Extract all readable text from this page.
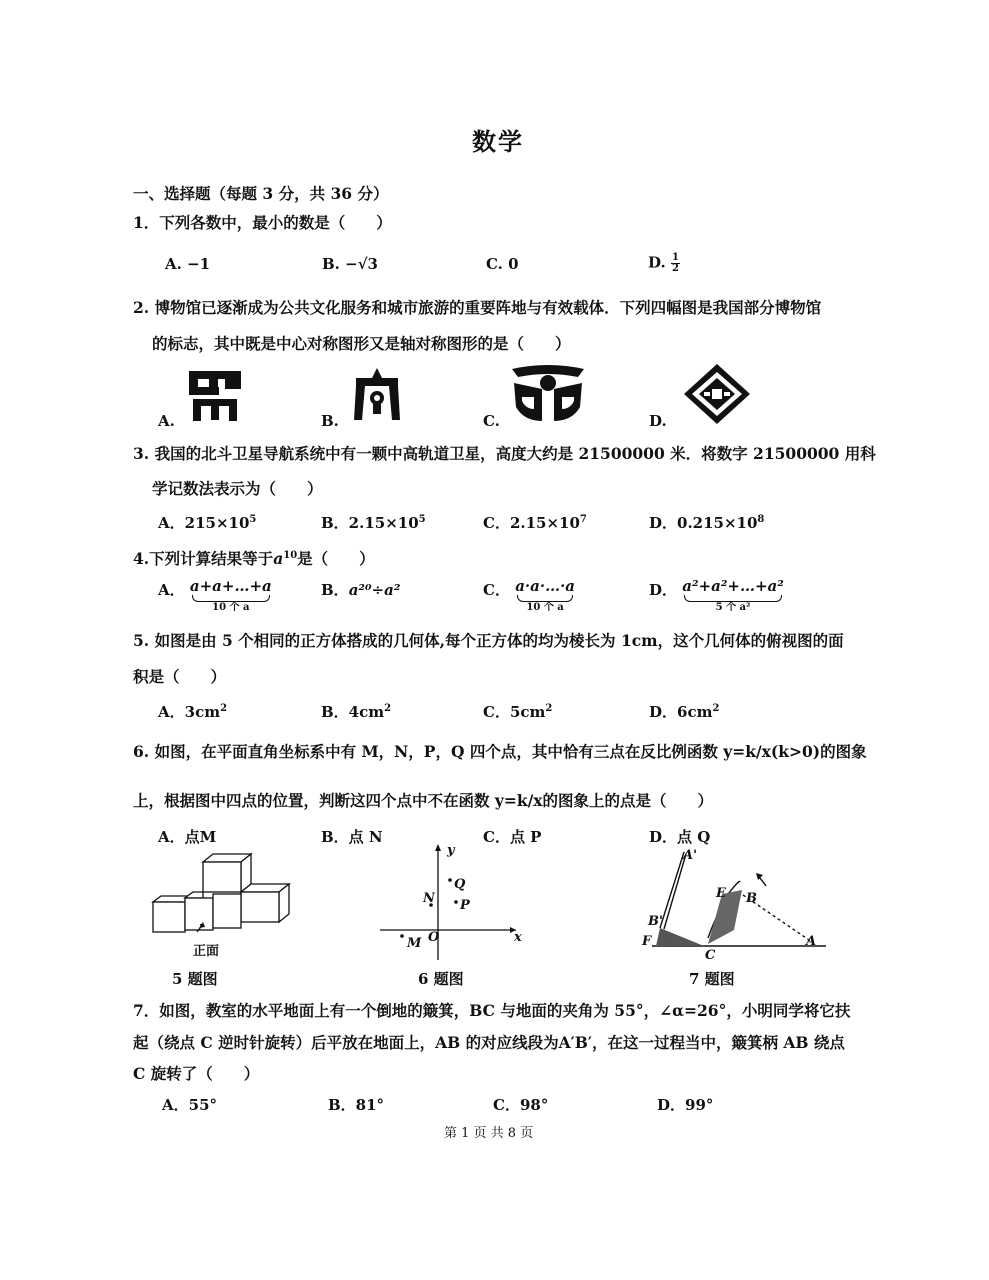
数学
一、选择题（每题 3 分，共 36 分）
1．下列各数中，最小的数是（　　）
A. −1	B. −√3	C. 0	D. $\frac{1}{2}$
2. 博物馆已逐渐成为公共文化服务和城市旅游的重要阵地与有效载体．下列四幅图是我国部分博物馆
的标志，其中既是中心对称图形又是轴对称图形的是（　　）
A.	B.	C.	D.
3. 我国的北斗卫星导航系统中有一颗中高轨道卫星，高度大约是 21500000 米．将数字 21500000 用科
学记数法表示为（　　）
A．$215\times 10^5$	B．$2.15\times 10^5$	C．$2.15\times 10^7$	D．$0.215\times 10^8$
4.下列计算结果等于$a^{10}$是（　　）
A． a+a+…+a
10 个 a
B．a²⁰÷a²	C． a·a·…·a
10 个 a
D． a²+a²+…+a²
5 个 a²
5. 如图是由 5 个相同的正方体搭成的几何体,每个正方体的均为棱长为 1cm，这个几何体的俯视图的面
积是（　　）
A．$3cm^2$	B．$4cm^2$	C．$5cm^2$	D．$6cm^2$
6. 如图，在平面直角坐标系中有 M，N，P，Q 四个点，其中恰有三点在反比例函数 y=k/x(k>0)的图象
上，根据图中四点的位置，判断这四个点中不在函数 y=k/x的图象上的点是（　　）
A．点M	B．点 N	C．点 P	D．点 Q
正面
5 题图
y
x
O
N
Q
P
M
6 题图
A'
B'
F
C
E B
A
7 题图
7．如图，教室的水平地面上有一个倒地的簸箕，BC 与地面的夹角为 55°，∠α=26°，小明同学将它扶
起（绕点 C 逆时针旋转）后平放在地面上，AB 的对应线段为A′B′，在这一过程当中，簸箕柄 AB 绕点
C 旋转了（　　）
A．55°	B．81°	C．98°	D．99°
第 1 页 共 8 页
